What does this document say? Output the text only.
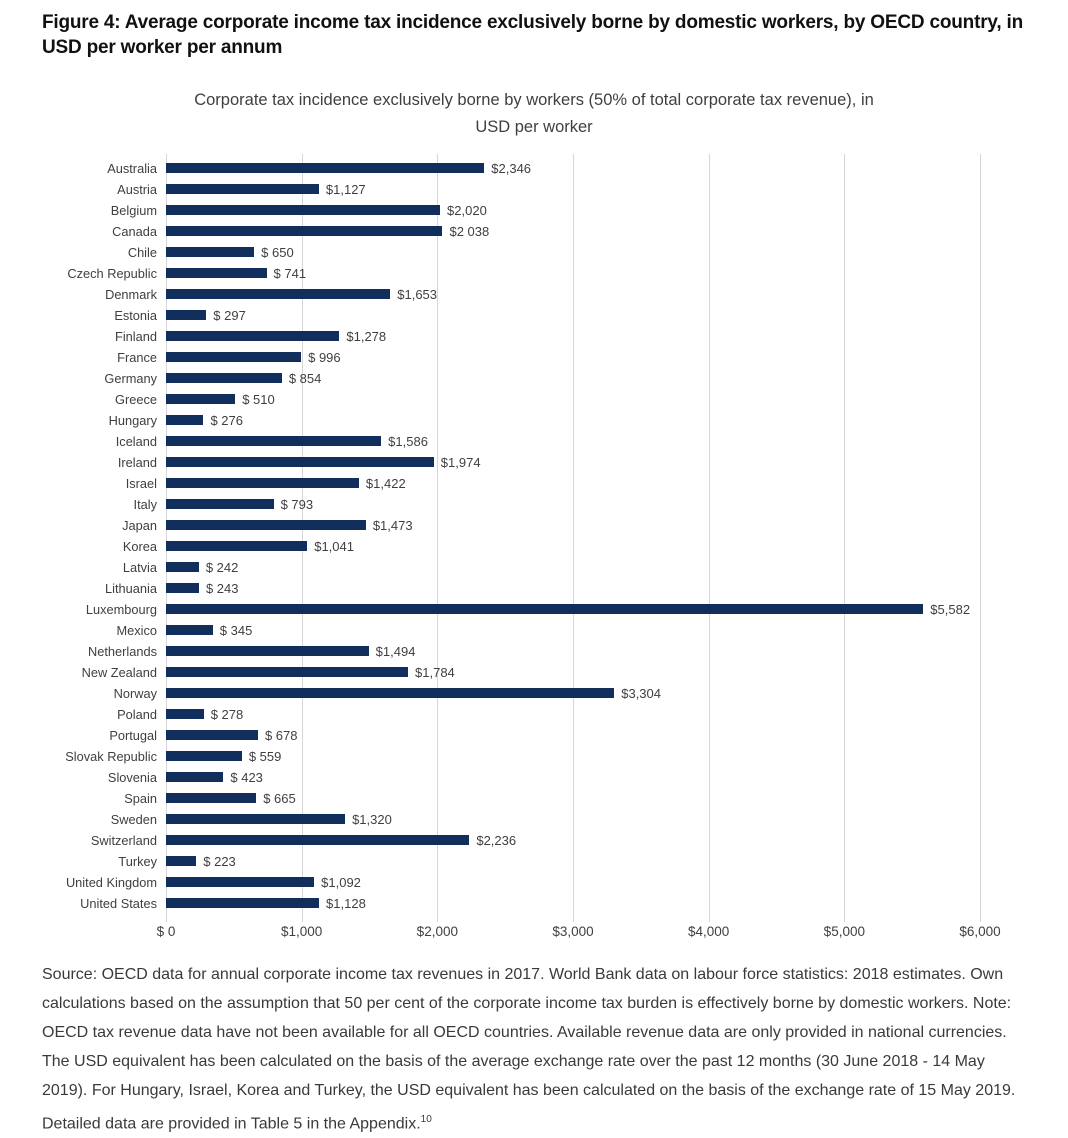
Figure 4: Average corporate income tax incidence exclusively borne by domestic workers, by OECD country, in USD per worker per annum
Corporate tax incidence exclusively borne by workers (50% of total corporate tax revenue), in USD per worker
Australia	$2,346
Austria	$1,127
Belgium	$2,020
Canada	$2 038
Chile	$ 650
Czech Republic	$ 741
Denmark	$1,653
Estonia	$ 297
Finland	$1,278
France	$ 996
Germany	$ 854
Greece	$ 510
Hungary	$ 276
Iceland	$1,586
Ireland	$1,974
Israel	$1,422
Italy	$ 793
Japan	$1,473
Korea	$1,041
Latvia	$ 242
Lithuania	$ 243
Luxembourg	$5,582
Mexico	$ 345
Netherlands	$1,494
New Zealand	$1,784
Norway	$3,304
Poland	$ 278
Portugal	$ 678
Slovak Republic	$ 559
Slovenia	$ 423
Spain	$ 665
Sweden	$1,320
Switzerland	$2,236
Turkey	$ 223
United Kingdom	$1,092
United States	$1,128
$ 0	$1,000	$2,000	$3,000	$4,000	$5,000	$6,000
Source: OECD data for annual corporate income tax revenues in 2017. World Bank data on labour force statistics: 2018 estimates. Own calculations based on the assumption that 50 per cent of the corporate income tax burden is effectively borne by domestic workers. Note: OECD tax revenue data have not been available for all OECD countries. Available revenue data are only provided in national currencies. The USD equivalent has been calculated on the basis of the average exchange rate over the past 12 months (30 June 2018 - 14 May 2019). For Hungary, Israel, Korea and Turkey, the USD equivalent has been calculated on the basis of the exchange rate of 15 May 2019. Detailed data are provided in Table 5 in the Appendix.$^{10}$
